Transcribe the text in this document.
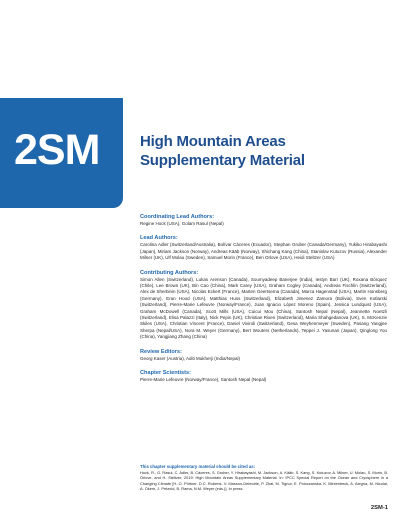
2SM	High Mountain Areas
Supplementary Material
Coordinating Lead Authors:
Regine Hock (USA), Golam Rasul (Nepal)
Lead Authors:
Carolina Adler (Switzerland/Australia), Bolívar Cáceres (Ecuador), Stephan Gruber (Canada/Germany), Yukiko Hirabayashi (Japan), Miriam Jackson (Norway), Andreas Kääb (Norway), Shichang Kang (China), Stanislav Kutuzov (Russia), Alexander Milner (UK), Ulf Molau (Sweden), Samuel Morin (France), Ben Orlove (USA), Heidi Steltzer (USA)
Contributing Authors:
Simon Allen (Switzerland), Lukas Arenson (Canada), Soumyadeep Banerjee (India), Iestyn Barr (UK), Roxana Bórquez (Chile), Lee Brown (UK), Bin Cao (China), Mark Carey (USA), Graham Cogley (Canada), Andreas Fischlin (Switzerland), Alex de Sherbinin (USA), Nicolas Eckert (France), Marten Geertsema (Canada), Marca Hagenstad (USA), Martin Honsberg (Germany), Eran Hood (USA), Matthias Huss (Switzerland), Elizabeth Jimenez Zamora (Bolivia), Sven Kotlarski (Switzerland), Pierre-Marie Lefeuvre (Norway/France), Juan Ignacio López Moreno (Spain), Jessica Lundquist (USA), Graham McDowell (Canada), Scott Mills (USA), Cuicui Mou (China), Santosh Nepal (Nepal), Jeannette Noetzli (Switzerland), Elisa Palazzi (Italy), Nick Pepin (UK), Christian Rixen (Switzerland), Maria Shahgedanova (UK), S. McKenzie Skiles (USA), Christian Vincent (France), Daniel Viviroli (Switzerland), Gesa Weyhenmeyer (Sweden), Pasang Yangjee Sherpa (Nepal/USA), Nora M. Weyer (Germany), Bert Wouters (Netherlands), Teppei J. Yasunari (Japan), Qinglong You (China), Yangjiang Zhang (China)
Review Editors:
Georg Kaser (Austria), Aditi Mukherji (India/Nepal)
Chapter Scientists:
Pierre-Marie Lefeuvre (Norway/France), Santosh Nepal (Nepal)
This chapter supplementary material should be cited as:
Hock, R., G. Rasul, C. Adler, B. Cáceres, S. Gruber, Y. Hirabayashi, M. Jackson, A. Kääb, S. Kang, S. Kutuzov, A. Milner, U. Molau, S. Morin, B. Orlove, and H. Steltzer, 2019: High Mountain Areas Supplementary Material. In: IPCC Special Report on the Ocean and Cryosphere in a Changing Climate [H.-O. Pörtner, D.C. Roberts, V. Masson-Delmotte, P. Zhai, M. Tignor, E. Poloczanska, K. Mintenbeck, A. Alegría, M. Nicolai, A. Okem, J. Petzold, B. Rama, N.M. Weyer (eds.)]. In press.
2SM-1
